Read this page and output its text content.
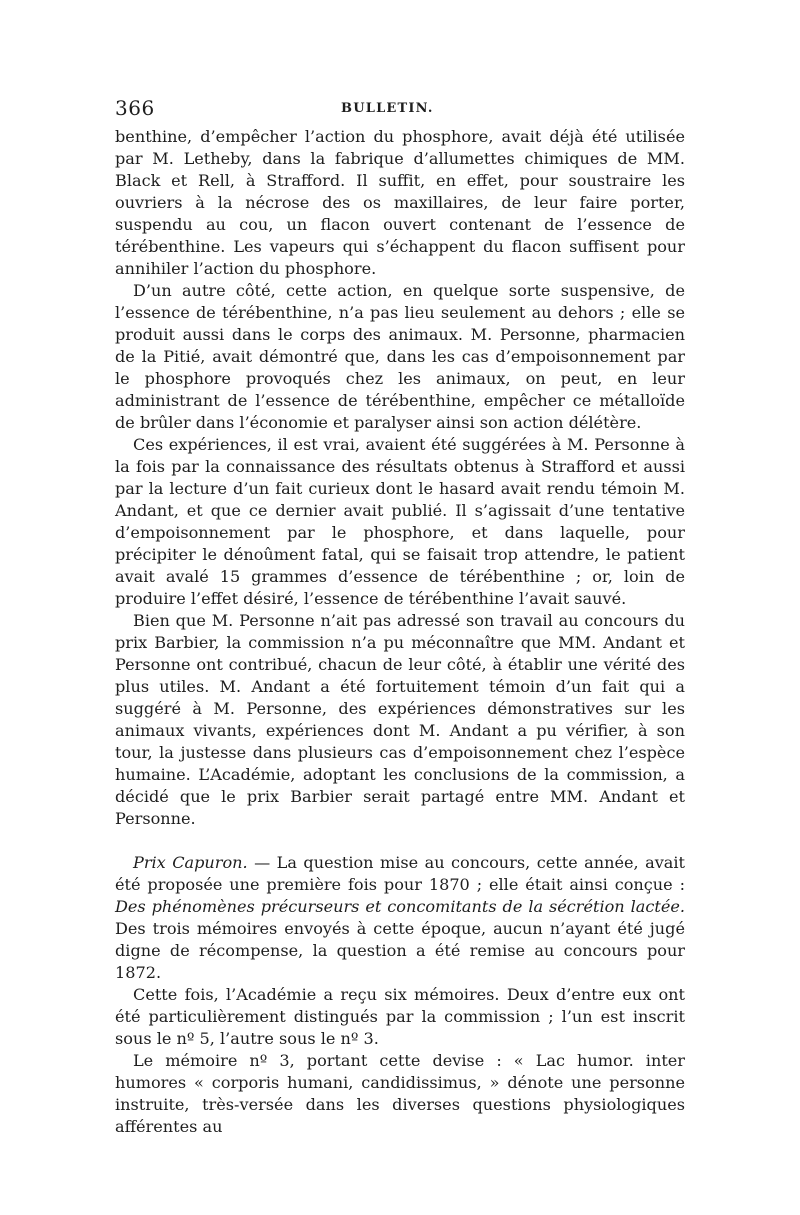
366	BULLETIN.

benthine, d’empêcher l’action du phosphore, avait déjà été utilisée par M. Letheby, dans la fabrique d’allumettes chimiques de MM. Black et Rell, à Strafford. Il suffit, en effet, pour soustraire les ouvriers à la nécrose des os maxillaires, de leur faire porter, suspendu au cou, un flacon ouvert contenant de l’essence de térébenthine. Les vapeurs qui s’échappent du flacon suffisent pour annihiler l’action du phosphore.

D’un autre côté, cette action, en quelque sorte suspensive, de l’essence de térébenthine, n’a pas lieu seulement au dehors ; elle se produit aussi dans le corps des animaux. M. Personne, pharmacien de la Pitié, avait démontré que, dans les cas d’empoisonnement par le phosphore provoqués chez les animaux, on peut, en leur administrant de l’essence de térébenthine, empêcher ce métalloïde de brûler dans l’économie et paralyser ainsi son action délétère.

Ces expériences, il est vrai, avaient été suggérées à M. Personne à la fois par la connaissance des résultats obtenus à Strafford et aussi par la lecture d’un fait curieux dont le hasard avait rendu témoin M. Andant, et que ce dernier avait publié. Il s’agissait d’une tentative d’empoisonnement par le phosphore, et dans laquelle, pour précipiter le dénoûment fatal, qui se faisait trop attendre, le patient avait avalé 15 grammes d’essence de térébenthine ; or, loin de produire l’effet désiré, l’essence de térébenthine l’avait sauvé.

Bien que M. Personne n’ait pas adressé son travail au concours du prix Barbier, la commission n’a pu méconnaître que MM. Andant et Personne ont contribué, chacun de leur côté, à établir une vérité des plus utiles. M. Andant a été fortuitement témoin d’un fait qui a suggéré à M. Personne, des expériences démonstratives sur les animaux vivants, expériences dont M. Andant a pu vérifier, à son tour, la justesse dans plusieurs cas d’empoisonnement chez l’espèce humaine. L’Académie, adoptant les conclusions de la commission, a décidé que le prix Barbier serait partagé entre MM. Andant et Personne.

Prix Capuron. — La question mise au concours, cette année, avait été proposée une première fois pour 1870 ; elle était ainsi conçue : Des phénomènes précurseurs et concomitants de la sécrétion lactée. Des trois mémoires envoyés à cette époque, aucun n’ayant été jugé digne de récompense, la question a été remise au concours pour 1872.

Cette fois, l’Académie a reçu six mémoires. Deux d’entre eux ont été particulièrement distingués par la commission ; l’un est inscrit sous le nº 5, l’autre sous le nº 3.

Le mémoire nº 3, portant cette devise : « Lac humor. inter humores « corporis humani, candidissimus, » dénote une personne instruite, très-versée dans les diverses questions physiologiques afférentes au
